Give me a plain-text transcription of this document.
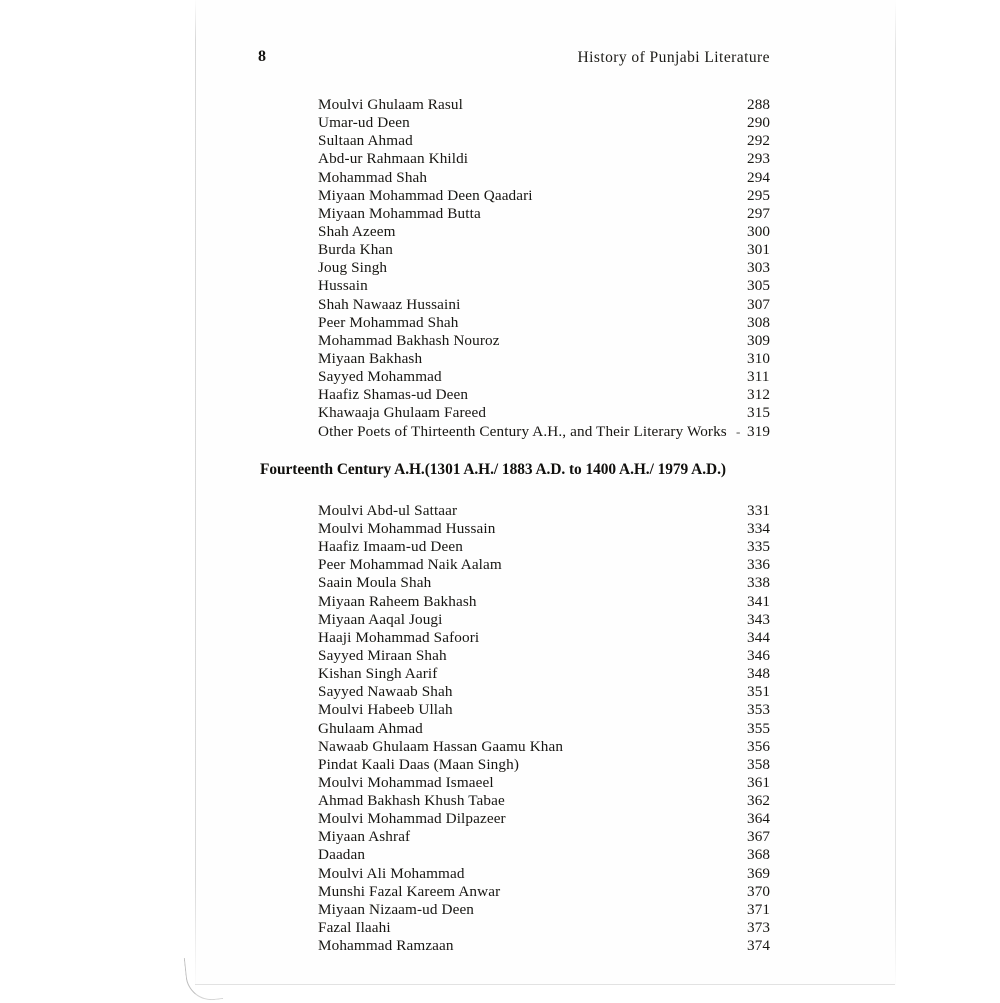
8	History of Punjabi Literature
Moulvi Ghulaam Rasul	288
Umar-ud Deen	290
Sultaan Ahmad	292
Abd-ur Rahmaan Khildi	293
Mohammad Shah	294
Miyaan Mohammad Deen Qaadari	295
Miyaan Mohammad Butta	297
Shah Azeem	300
Burda Khan	301
Joug Singh	303
Hussain	305
Shah Nawaaz Hussaini	307
Peer Mohammad Shah	308
Mohammad Bakhash Nouroz	309
Miyaan Bakhash	310
Sayyed Mohammad	311
Haafiz Shamas-ud Deen	312
Khawaaja Ghulaam Fareed	315
-
Other Poets of Thirteenth Century A.H., and Their Literary Works 319
Fourteenth Century A.H.(1301 A.H./ 1883 A.D. to 1400 A.H./ 1979 A.D.)
Moulvi Abd-ul Sattaar	331
Moulvi Mohammad Hussain	334
Haafiz Imaam-ud Deen	335
Peer Mohammad Naik Aalam	336
Saain Moula Shah	338
Miyaan Raheem Bakhash	341
Miyaan Aaqal Jougi	343
Haaji Mohammad Safoori	344
Sayyed Miraan Shah	346
Kishan Singh Aarif	348
Sayyed Nawaab Shah	351
Moulvi Habeeb Ullah	353
Ghulaam Ahmad	355
Nawaab Ghulaam Hassan Gaamu Khan	356
Pindat Kaali Daas (Maan Singh)	358
Moulvi Mohammad Ismaeel	361
Ahmad Bakhash Khush Tabae	362
Moulvi Mohammad Dilpazeer	364
Miyaan Ashraf	367
Daadan	368
Moulvi Ali Mohammad	369
Munshi Fazal Kareem Anwar	370
Miyaan Nizaam-ud Deen	371
Fazal Ilaahi	373
Mohammad Ramzaan	374
